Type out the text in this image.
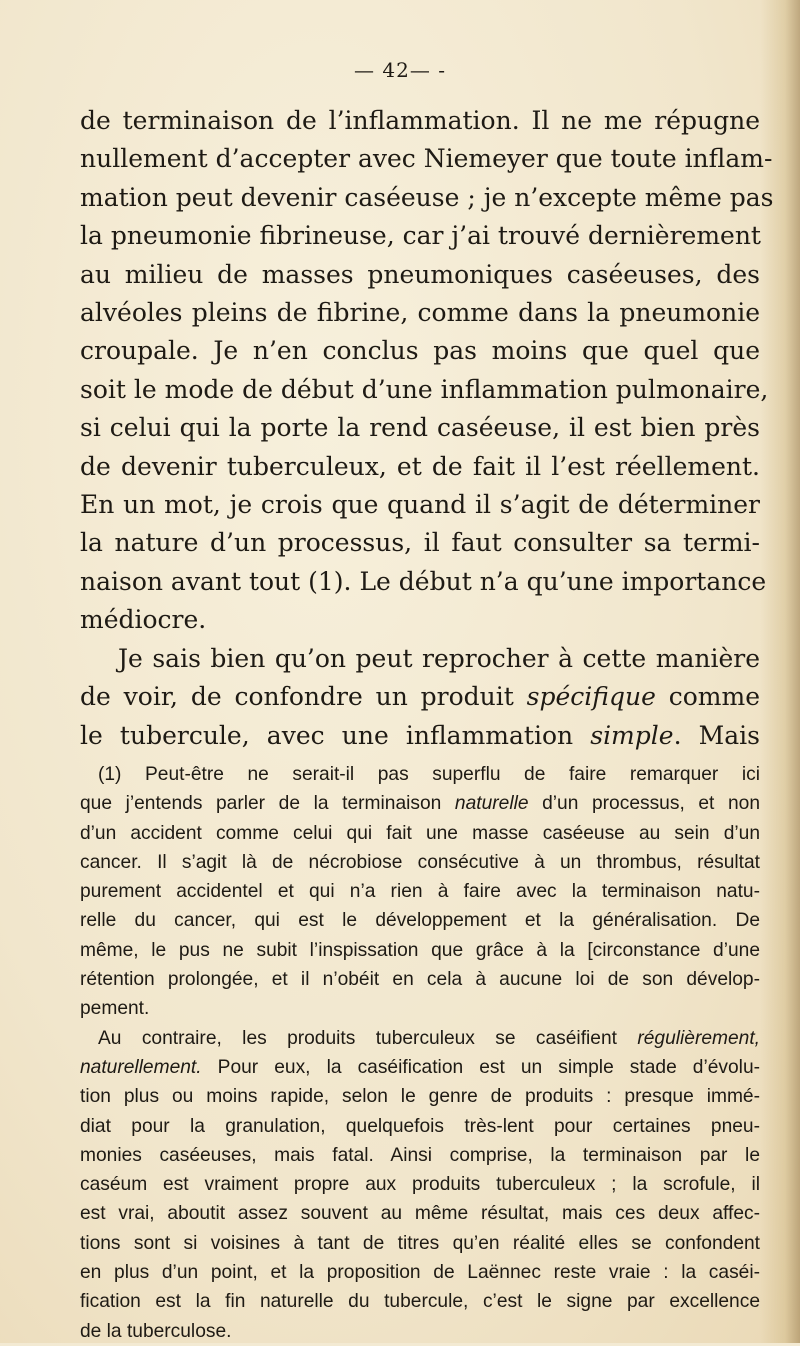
— 42— ‑
de terminaison de l’inflammation. Il ne me répugne
nullement d’accepter avec Niemeyer que toute inflam-
mation peut devenir caséeuse ; je n’excepte même pas
la pneumonie fibrineuse, car j’ai trouvé dernièrement
au milieu de masses pneumoniques caséeuses, des
alvéoles pleins de fibrine, comme dans la pneumonie
croupale. Je n’en conclus pas moins que quel que
soit le mode de début d’une inflammation pulmonaire,
si celui qui la porte la rend caséeuse, il est bien près
de devenir tuberculeux, et de fait il l’est réellement.
En un mot, je crois que quand il s’agit de déterminer
la nature d’un processus, il faut consulter sa termi-
naison avant tout (1). Le début n’a qu’une importance
médiocre.
Je sais bien qu’on peut reprocher à cette manière
de voir, de confondre un produit spécifique comme
le tubercule, avec une inflammation simple. Mais
(1) Peut-être ne serait-il pas superflu de faire remarquer ici
que j’entends parler de la terminaison naturelle d’un processus, et non
d’un accident comme celui qui fait une masse caséeuse au sein d’un
cancer. Il s’agit là de nécrobiose consécutive à un thrombus, résultat
purement accidentel et qui n’a rien à faire avec la terminaison natu-
relle du cancer, qui est le développement et la généralisation. De
même, le pus ne subit l’inspissation que grâce à la [circonstance d’une
rétention prolongée, et il n’obéit en cela à aucune loi de son dévelop-
pement.
Au contraire, les produits tuberculeux se caséifient régulièrement,
naturellement. Pour eux, la caséification est un simple stade d’évolu-
tion plus ou moins rapide, selon le genre de produits : presque immé-
diat pour la granulation, quelquefois très-lent pour certaines pneu-
monies caséeuses, mais fatal. Ainsi comprise, la terminaison par le
caséum est vraiment propre aux produits tuberculeux ; la scrofule, il
est vrai, aboutit assez souvent au même résultat, mais ces deux affec-
tions sont si voisines à tant de titres qu’en réalité elles se confondent
en plus d’un point, et la proposition de Laënnec reste vraie : la caséi-
fication est la fin naturelle du tubercule, c’est le signe par excellence
de la tuberculose.
